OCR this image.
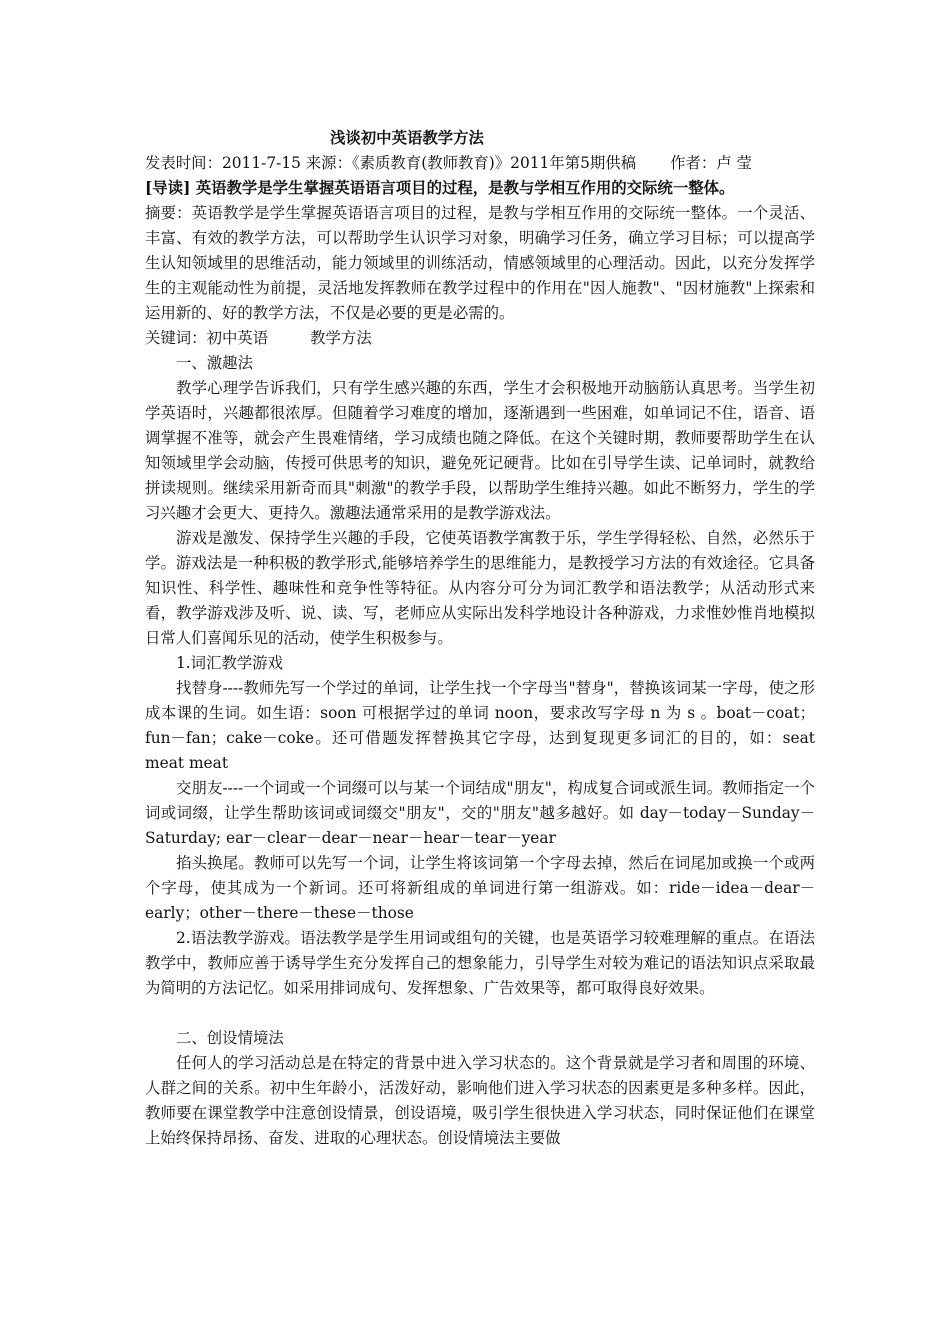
浅谈初中英语教学方法
发表时间：2011-7-15 来源：《素质教育(教师教育)》2011年第5期供稿 作者：卢 莹
[导读] 英语教学是学生掌握英语语言项目的过程，是教与学相互作用的交际统一整体。

摘要：英语教学是学生掌握英语语言项目的过程，是教与学相互作用的交际统一整体。一个灵活、丰富、有效的教学方法，可以帮助学生认识学习对象，明确学习任务，确立学习目标；可以提高学生认知领域里的思维活动，能力领域里的训练活动，情感领域里的心理活动。因此，以充分发挥学生的主观能动性为前提，灵活地发挥教师在教学过程中的作用在"因人施教"、"因材施教"上探索和运用新的、好的教学方法，不仅是必要的更是必需的。

关键词：初中英语	教学方法

一、激趣法

教学心理学告诉我们，只有学生感兴趣的东西，学生才会积极地开动脑筋认真思考。当学生初学英语时，兴趣都很浓厚。但随着学习难度的增加，逐渐遇到一些困难，如单词记不住，语音、语调掌握不准等，就会产生畏难情绪，学习成绩也随之降低。在这个关键时期，教师要帮助学生在认知领域里学会动脑，传授可供思考的知识，避免死记硬背。比如在引导学生读、记单词时，就教给拼读规则。继续采用新奇而具"刺激"的教学手段，以帮助学生维持兴趣。如此不断努力，学生的学习兴趣才会更大、更持久。激趣法通常采用的是教学游戏法。

游戏是激发、保持学生兴趣的手段，它使英语教学寓教于乐，学生学得轻松、自然，必然乐于学。游戏法是一种积极的教学形式,能够培养学生的思维能力，是教授学习方法的有效途径。它具备知识性、科学性、趣味性和竞争性等特征。从内容分可分为词汇教学和语法教学；从活动形式来看，教学游戏涉及听、说、读、写，老师应从实际出发科学地设计各种游戏，力求惟妙惟肖地模拟日常人们喜闻乐见的活动，使学生积极参与。

1.词汇教学游戏

找替身----教师先写一个学过的单词，让学生找一个字母当"替身"，替换该词某一字母，使之形成本课的生词。如生语：soon 可根据学过的单词 noon，要求改写字母 n 为 s 。boat－coat；fun－fan；cake－coke。还可借题发挥替换其它字母，达到复现更多词汇的目的，如：seat meat meat

交朋友----一个词或一个词缀可以与某一个词结成"朋友"，构成复合词或派生词。教师指定一个词或词缀，让学生帮助该词或词缀交"朋友"，交的"朋友"越多越好。如 day－today－Sunday－Saturday; ear－clear－dear－near－hear－tear－year

掐头换尾。教师可以先写一个词，让学生将该词第一个字母去掉，然后在词尾加或换一个或两个字母，使其成为一个新词。还可将新组成的单词进行第一组游戏。如：ride－idea－dear－ early；other－there－these－those

2.语法教学游戏。语法教学是学生用词或组句的关键，也是英语学习较难理解的重点。在语法教学中，教师应善于诱导学生充分发挥自己的想象能力，引导学生对较为难记的语法知识点采取最为简明的方法记忆。如采用排词成句、发挥想象、广告效果等，都可取得良好效果。

二、创设情境法

任何人的学习活动总是在特定的背景中进入学习状态的。这个背景就是学习者和周围的环境、人群之间的关系。初中生年龄小，活泼好动，影响他们进入学习状态的因素更是多种多样。因此，教师要在课堂教学中注意创设情景，创设语境，吸引学生很快进入学习状态，同时保证他们在课堂上始终保持昂扬、奋发、进取的心理状态。创设情境法主要做
